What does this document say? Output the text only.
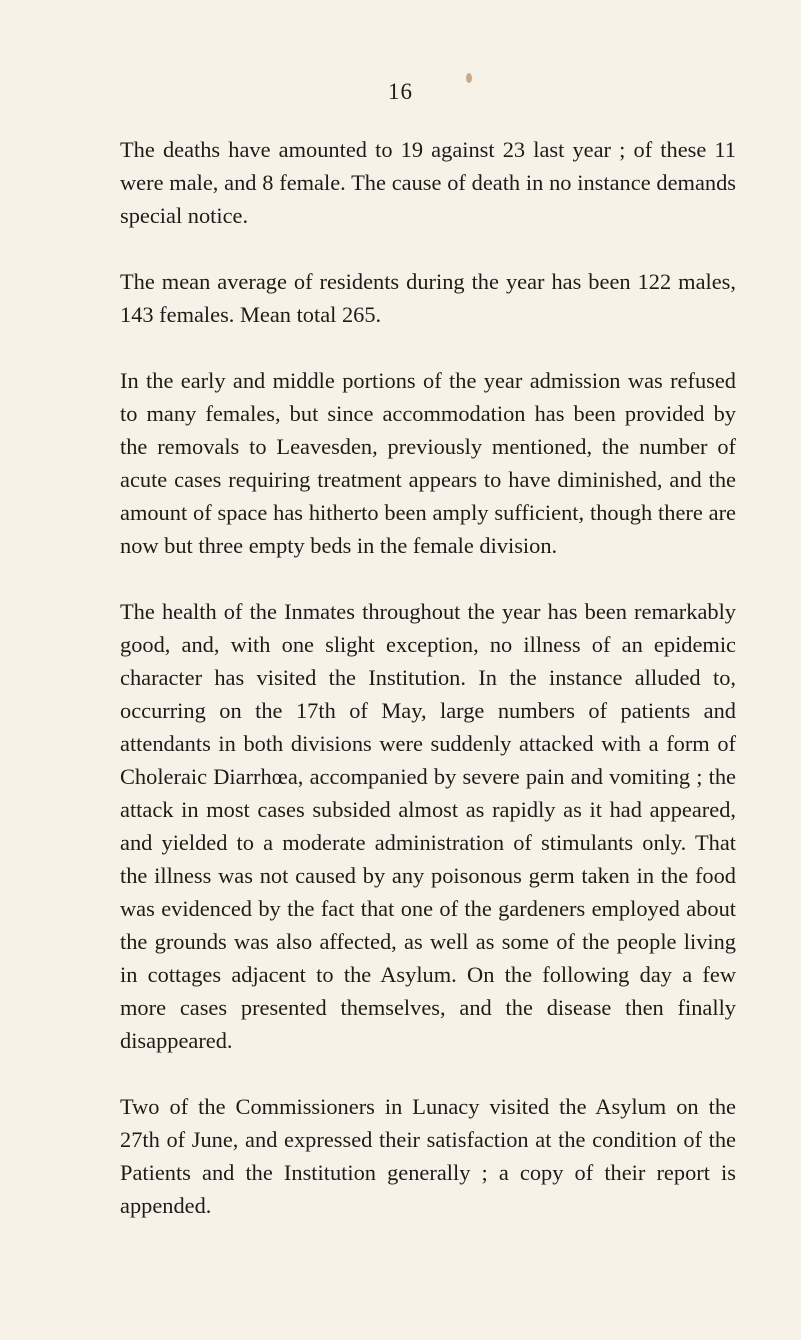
16

The deaths have amounted to 19 against 23 last year ; of these 11 were male, and 8 female. The cause of death in no instance demands special notice.

The mean average of residents during the year has been 122 males, 143 females. Mean total 265.

In the early and middle portions of the year admission was refused to many females, but since accommodation has been provided by the removals to Leavesden, previously mentioned, the number of acute cases requiring treatment appears to have diminished, and the amount of space has hitherto been amply sufficient, though there are now but three empty beds in the female division.

The health of the Inmates throughout the year has been remarkably good, and, with one slight exception, no illness of an epidemic character has visited the Institution. In the instance alluded to, occurring on the 17th of May, large numbers of patients and attendants in both divisions were suddenly attacked with a form of Choleraic Diarrhœa, accompanied by severe pain and vomiting ; the attack in most cases subsided almost as rapidly as it had appeared, and yielded to a moderate administration of stimulants only. That the illness was not caused by any poisonous germ taken in the food was evidenced by the fact that one of the gardeners employed about the grounds was also affected, as well as some of the people living in cottages adjacent to the Asylum. On the following day a few more cases presented themselves, and the disease then finally disappeared.

Two of the Commissioners in Lunacy visited the Asylum on the 27th of June, and expressed their satisfaction at the condition of the Patients and the Institution generally ; a copy of their report is appended.
